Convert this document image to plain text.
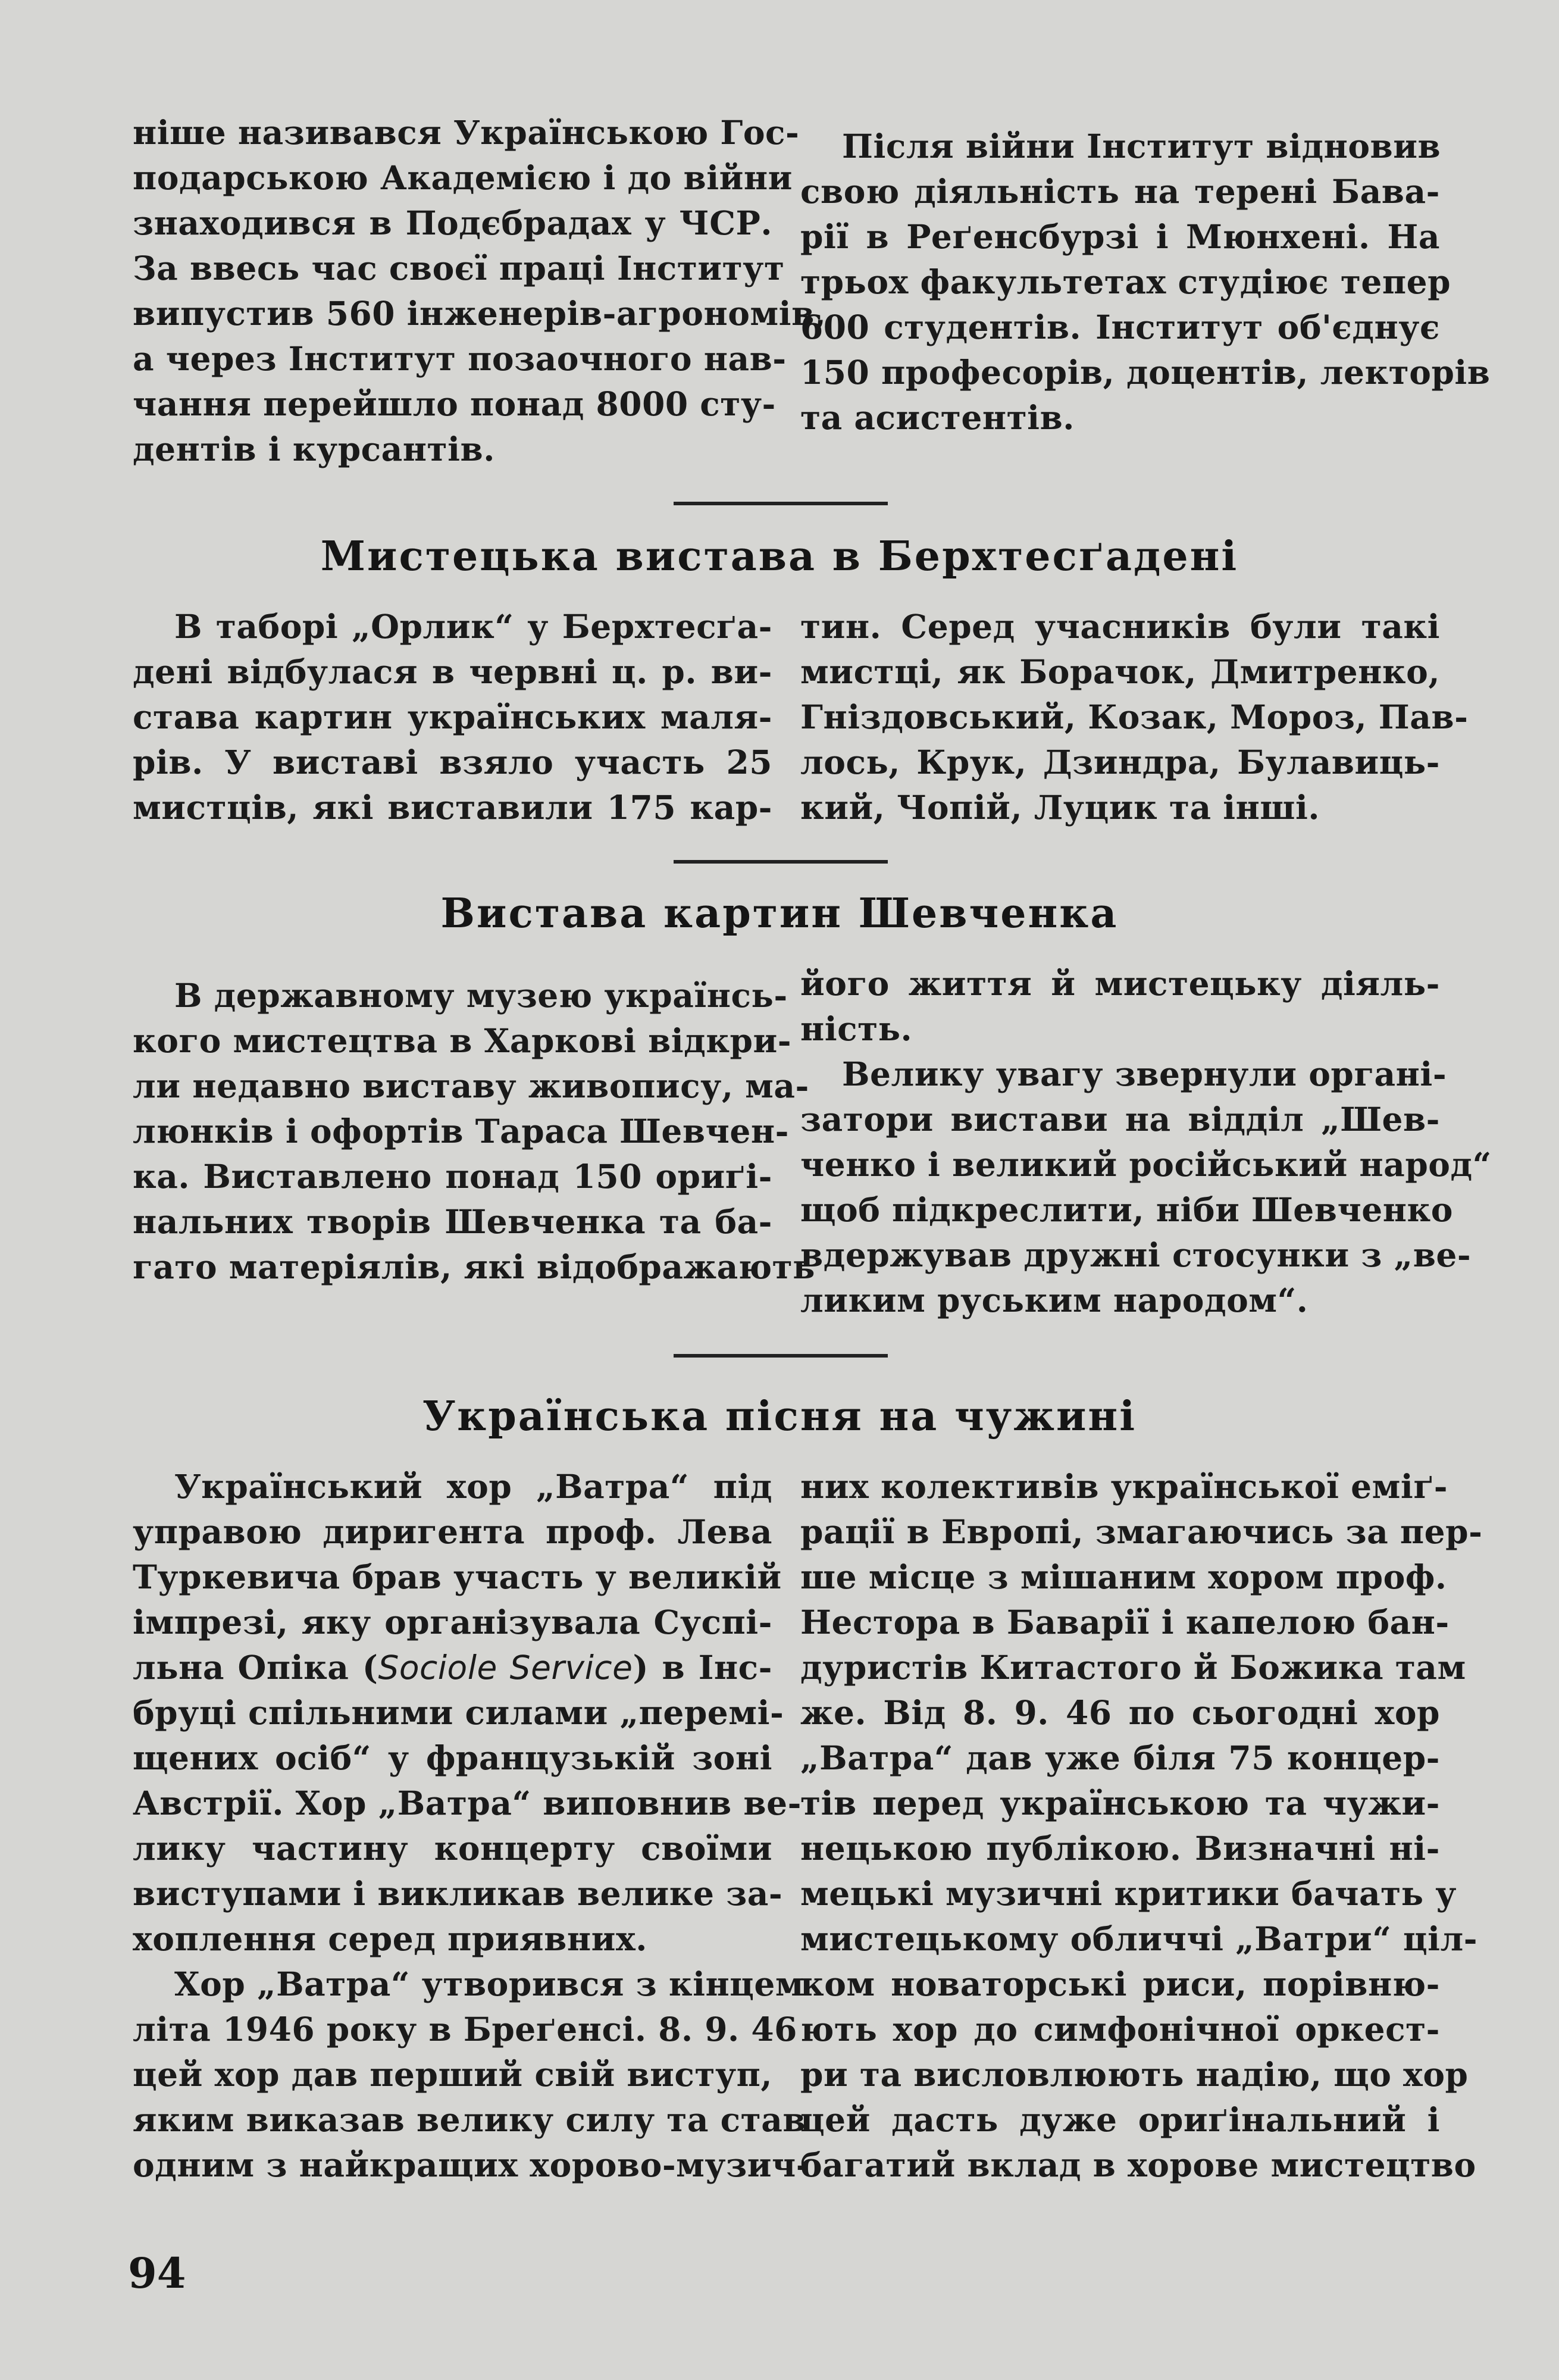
ніше називався Українською Гос-
подарською Академією і до війни
знаходився в Подєбрадах у ЧСР.
За ввесь час своєї праці Інститут
випустив 560 інженерів-агрономів,
а через Інститут позаочного нав-
чання перейшло понад 8000 сту-
дентів і курсантів.
Після війни Інститут відновив
свою діяльність на терені Бава-
рії в Реґенсбурзі і Мюнхені. На
трьох факультетах студіює тепер
600 студентів. Інститут об'єднує
150 професорів, доцентів, лекторів
та асистентів.
Мистецька вистава в Берхтесґадені
В таборі „Орлик“ у Берхтесґа-
дені відбулася в червні ц. р. ви-
става картин українських маля-
рів. У виставі взяло участь 25
мистців, які виставили 175 кар-
тин. Серед учасників були такі
мистці, як Борачок, Дмитренко,
Гніздовський, Козак, Мороз, Пав-
лось, Крук, Дзиндра, Булавиць-
кий, Чопій, Луцик та інші.
Вистава картин Шевченка
В державному музею українсь-
кого мистецтва в Харкові відкри-
ли недавно виставу живопису, ма-
люнків і офортів Тараса Шевчен-
ка. Виставлено понад 150 ориґі-
нальних творів Шевченка та ба-
гато матеріялів, які відображають
його життя й мистецьку діяль-
ність.
Велику увагу звернули органі-
затори вистави на відділ „Шев-
ченко і великий російський народ“
щоб підкреслити, ніби Шевченко
вдержував дружні стосунки з „ве-
ликим руським народом“.
Українська пісня на чужині
Український хор „Ватра“ під
управою диригента проф. Лева
Туркевича брав участь у великій
імпрезі, яку організувала Суспі-
льна Опіка (Sociole Service) в Інс-
бруці спільними силами „перемі-
щених осіб“ у французькій зоні
Австрії. Хор „Ватра“ виповнив ве-
лику частину концерту своїми
виступами і викликав велике за-
хоплення серед приявних.
Хор „Ватра“ утворився з кінцем
літа 1946 року в Бреґенсі. 8. 9. 46
цей хор дав перший свій виступ,
яким виказав велику силу та став
одним з найкращих хорово-музич-
них колективів української еміґ-
рації в Европі, змагаючись за пер-
ше місце з мішаним хором проф.
Нестора в Баварії і капелою бан-
дуристів Китастого й Божика там
же. Від 8. 9. 46 по сьогодні хор
„Ватра“ дав уже біля 75 концер-
тів перед українською та чужи-
нецькою публікою. Визначні ні-
мецькі музичні критики бачать у
мистецькому обличчі „Ватри“ ціл-
ком новаторські риси, порівню-
ють хор до симфонічної оркест-
ри та висловлюють надію, що хор
цей дасть дуже ориґінальний і
багатий вклад в хорове мистецтво
94
